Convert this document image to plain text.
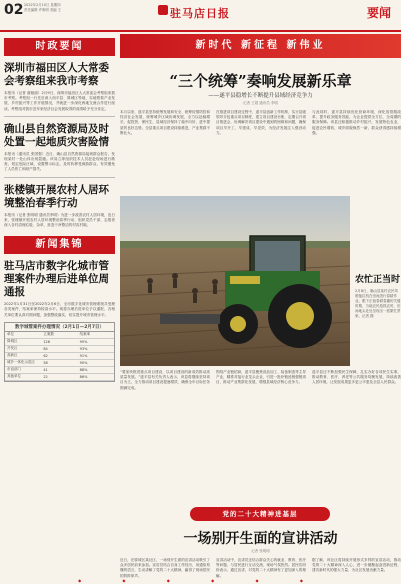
02 2022年2月10日 星期四
责任编辑 许明明 美编 王	驻马店日报	要闻
时政要闻
深圳市福田区人大常委会考察组来我市考察
本报讯（记者 谢娅丽）2月9日，深圳市福田区人大常委会考察组来我市考察。考察组一行先后深入西平县、驿城区等地，实地察看产业发展、乡村振兴等工作开展情况，并就进一步深化两地交流合作进行座谈。考察组对我市近年来经济社会发展取得的成绩给予充分肯定。
确山县自然资源局及时处置一起地质灾害险情
本报讯（通讯员 张国强）近日，确山县自然资源局接到群众报告，发现某村一处山体出现裂缝。该局立即组织技术人员赶赴现场进行勘查，划定危险区域，设置警示标志，及时转移受威胁群众，有效避免了人员伤亡和财产损失。
张楼镇开展农村人居环境整治春季行动
本报讯（记者 张明明 通讯员李明）为进一步改善农村人居环境，连日来，张楼镇开展农村人居环境整治春季行动，组织党员干部、志愿者深入各村清理垃圾、杂草，营造干净整洁的村容村貌。
新闻集锦
驻马店市数字化城市管理案件办理后进单位周通报
2022年1月31日至2022年2月6日，全市数字化城市管理系统共受理各类案件，结案率保持较高水平。现将办理后进单位予以通报，各相关单位要认真对照问题，加强整改落实，切实提升城市管理水平。
数字城管案件办理情况（2月1日—2月7日）
单位	立案数	结案率
驿城区	126	95%
开发区	84	93%
高新区	62	91%
城乡一体化示范区	58	90%
市直部门	41	88%
其他单位	22	86%
新时代 新征程 新伟业
“三个统筹”奏响发展新乐章
——遂平县稳增长不断提升县域经济竞争力
记者 王超 通讯员 李明
本月以来，遂平县坚持统筹发展和安全、统筹疫情防控和经济社会发展、统筹城乡区域协调发展，全力以赴稳增长、促投资、保民生，县域经济保持了稳中向好、进中提质的良好态势。全县重点项目建设持续推进，产业集群不断壮大。
在推进项目建设过程中，遂平县创新工作机制，实行县级领导分包重点项目制度，建立项目建设台账，定期召开项目推进会，协调解决项目建设中遇到的困难和问题，确保项目早开工、早建成、早见效，为经济发展注入强劲动力。
与此同时，遂平县持续优化营商环境，深化放管服改革，提升政务服务效能，为企业提供全方位、全周期的服务保障。该县还积极推动乡村振兴，发展特色农业，促进农民增收，城乡面貌焕然一新，群众获得感持续增强。
农忙正当时
2月8日，确山县某村农民驾驶拖拉机在田间进行春耕作业。眼下正值春耕春播的关键时期，当地农民抢抓农时，田间地头处处呈现出一派繁忙景象。记者 摄
“要加快推进重点项目建设，以项目建设的新成效推动高质量发展。”遂平县有关负责人表示，该县将继续坚持项目为王，全力推动项目建设提速增效，确保全年目标任务圆满完成。
围绕产业链招商，遂平县聚焦食品加工、装备制造等主导产业，精准对接行业龙头企业，引进一批补链延链强链项目，推动产业集群化发展，增强县域经济核心竞争力。
遂平县还不断加强民生保障，扎实办好各项民生实事，推动教育、医疗、养老等公共服务均衡发展，持续改善人居环境，让发展成果更多更公平惠及全县人民群众。
党的二十大精神进基层
一场别开生面的宣讲活动
记者 张明明
近日，在驿城区某社区，一场别开生面的宣讲活动吸引了众多居民前来参加。宣讲员结合自身工作经历，用通俗易懂的语言，生动讲解了党的二十大精神，赢得了现场居民的阵阵掌声。
宣讲活动中，宣讲员还结合群众关心的就业、教育、医疗等问题，与居民进行互动交流，现场气氛热烈。居民们纷纷表示，通过宣讲，对党的二十大精神有了更加深入的理解。
据了解，该社区将持续开展形式多样的宣讲活动，推动党的二十大精神深入人心，进一步凝聚起奋进新征程、建功新时代的强大力量，为社区发展贡献力量。
◆ ◆ ◆ ◆ ◆ ◆
